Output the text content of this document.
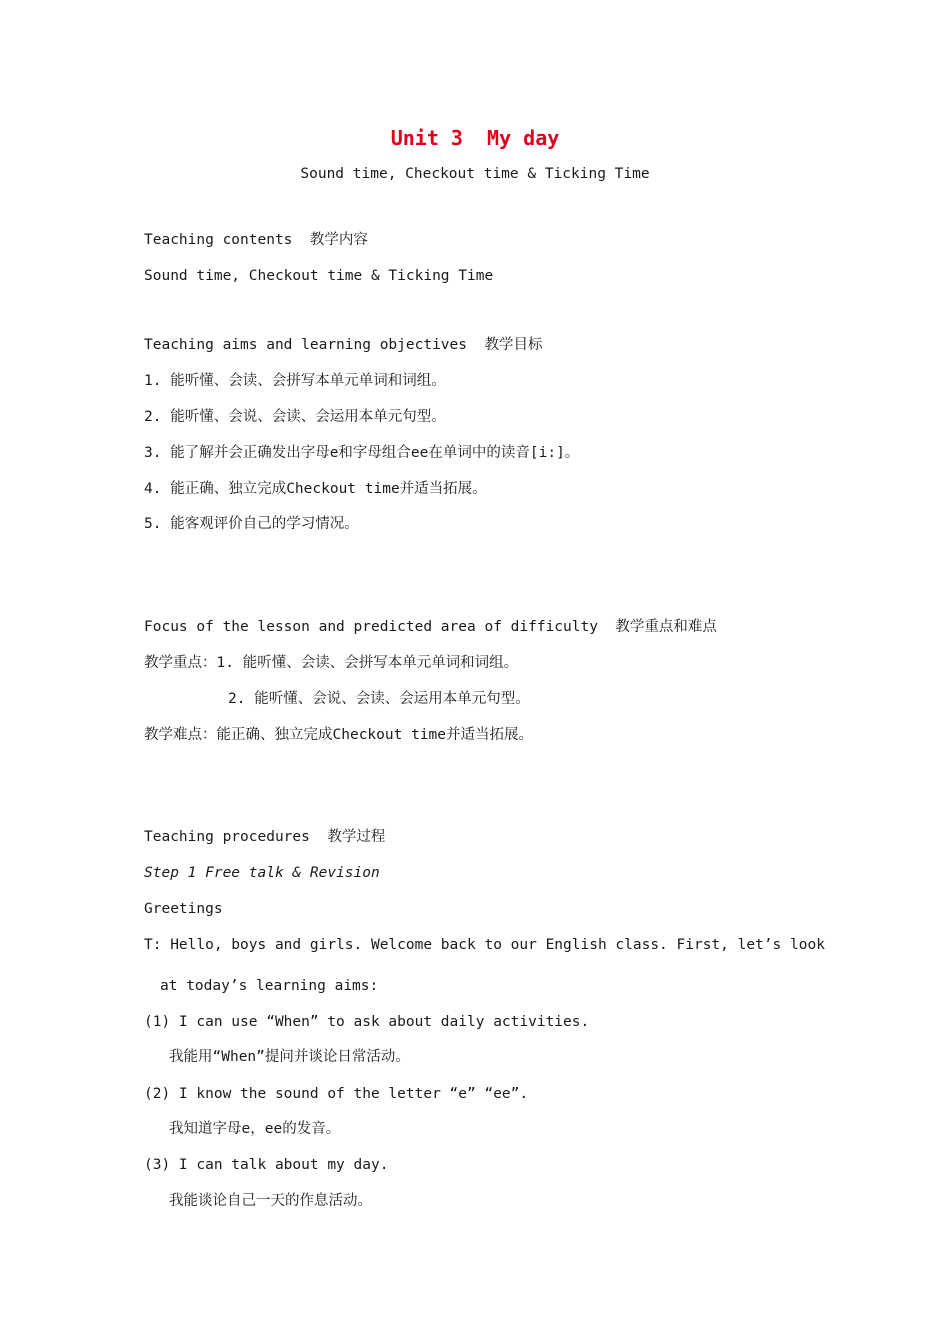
Unit 3  My day
Sound time, Checkout time & Ticking Time
Teaching contents  教学内容
Sound time, Checkout time & Ticking Time
Teaching aims and learning objectives  教学目标
1. 能听懂、会读、会拼写本单元单词和词组。
2. 能听懂、会说、会读、会运用本单元句型。
3. 能了解并会正确发出字母e和字母组合ee在单词中的读音[i:]。
4. 能正确、独立完成Checkout time并适当拓展。
5. 能客观评价自己的学习情况。
Focus of the lesson and predicted area of difficulty  教学重点和难点
教学重点：1. 能听懂、会读、会拼写本单元单词和词组。
2. 能听懂、会说、会读、会运用本单元句型。
教学难点：能正确、独立完成Checkout time并适当拓展。
Teaching procedures  教学过程
Step 1 Free talk & Revision
Greetings
T: Hello, boys and girls. Welcome back to our English class. First, let’s look
at today’s learning aims:
(1) I can use “When” to ask about daily activities.
我能用“When”提问并谈论日常活动。
(2) I know the sound of the letter “e” “ee”.
我知道字母e，ee的发音。
(3) I can talk about my day.
我能谈论自己一天的作息活动。
